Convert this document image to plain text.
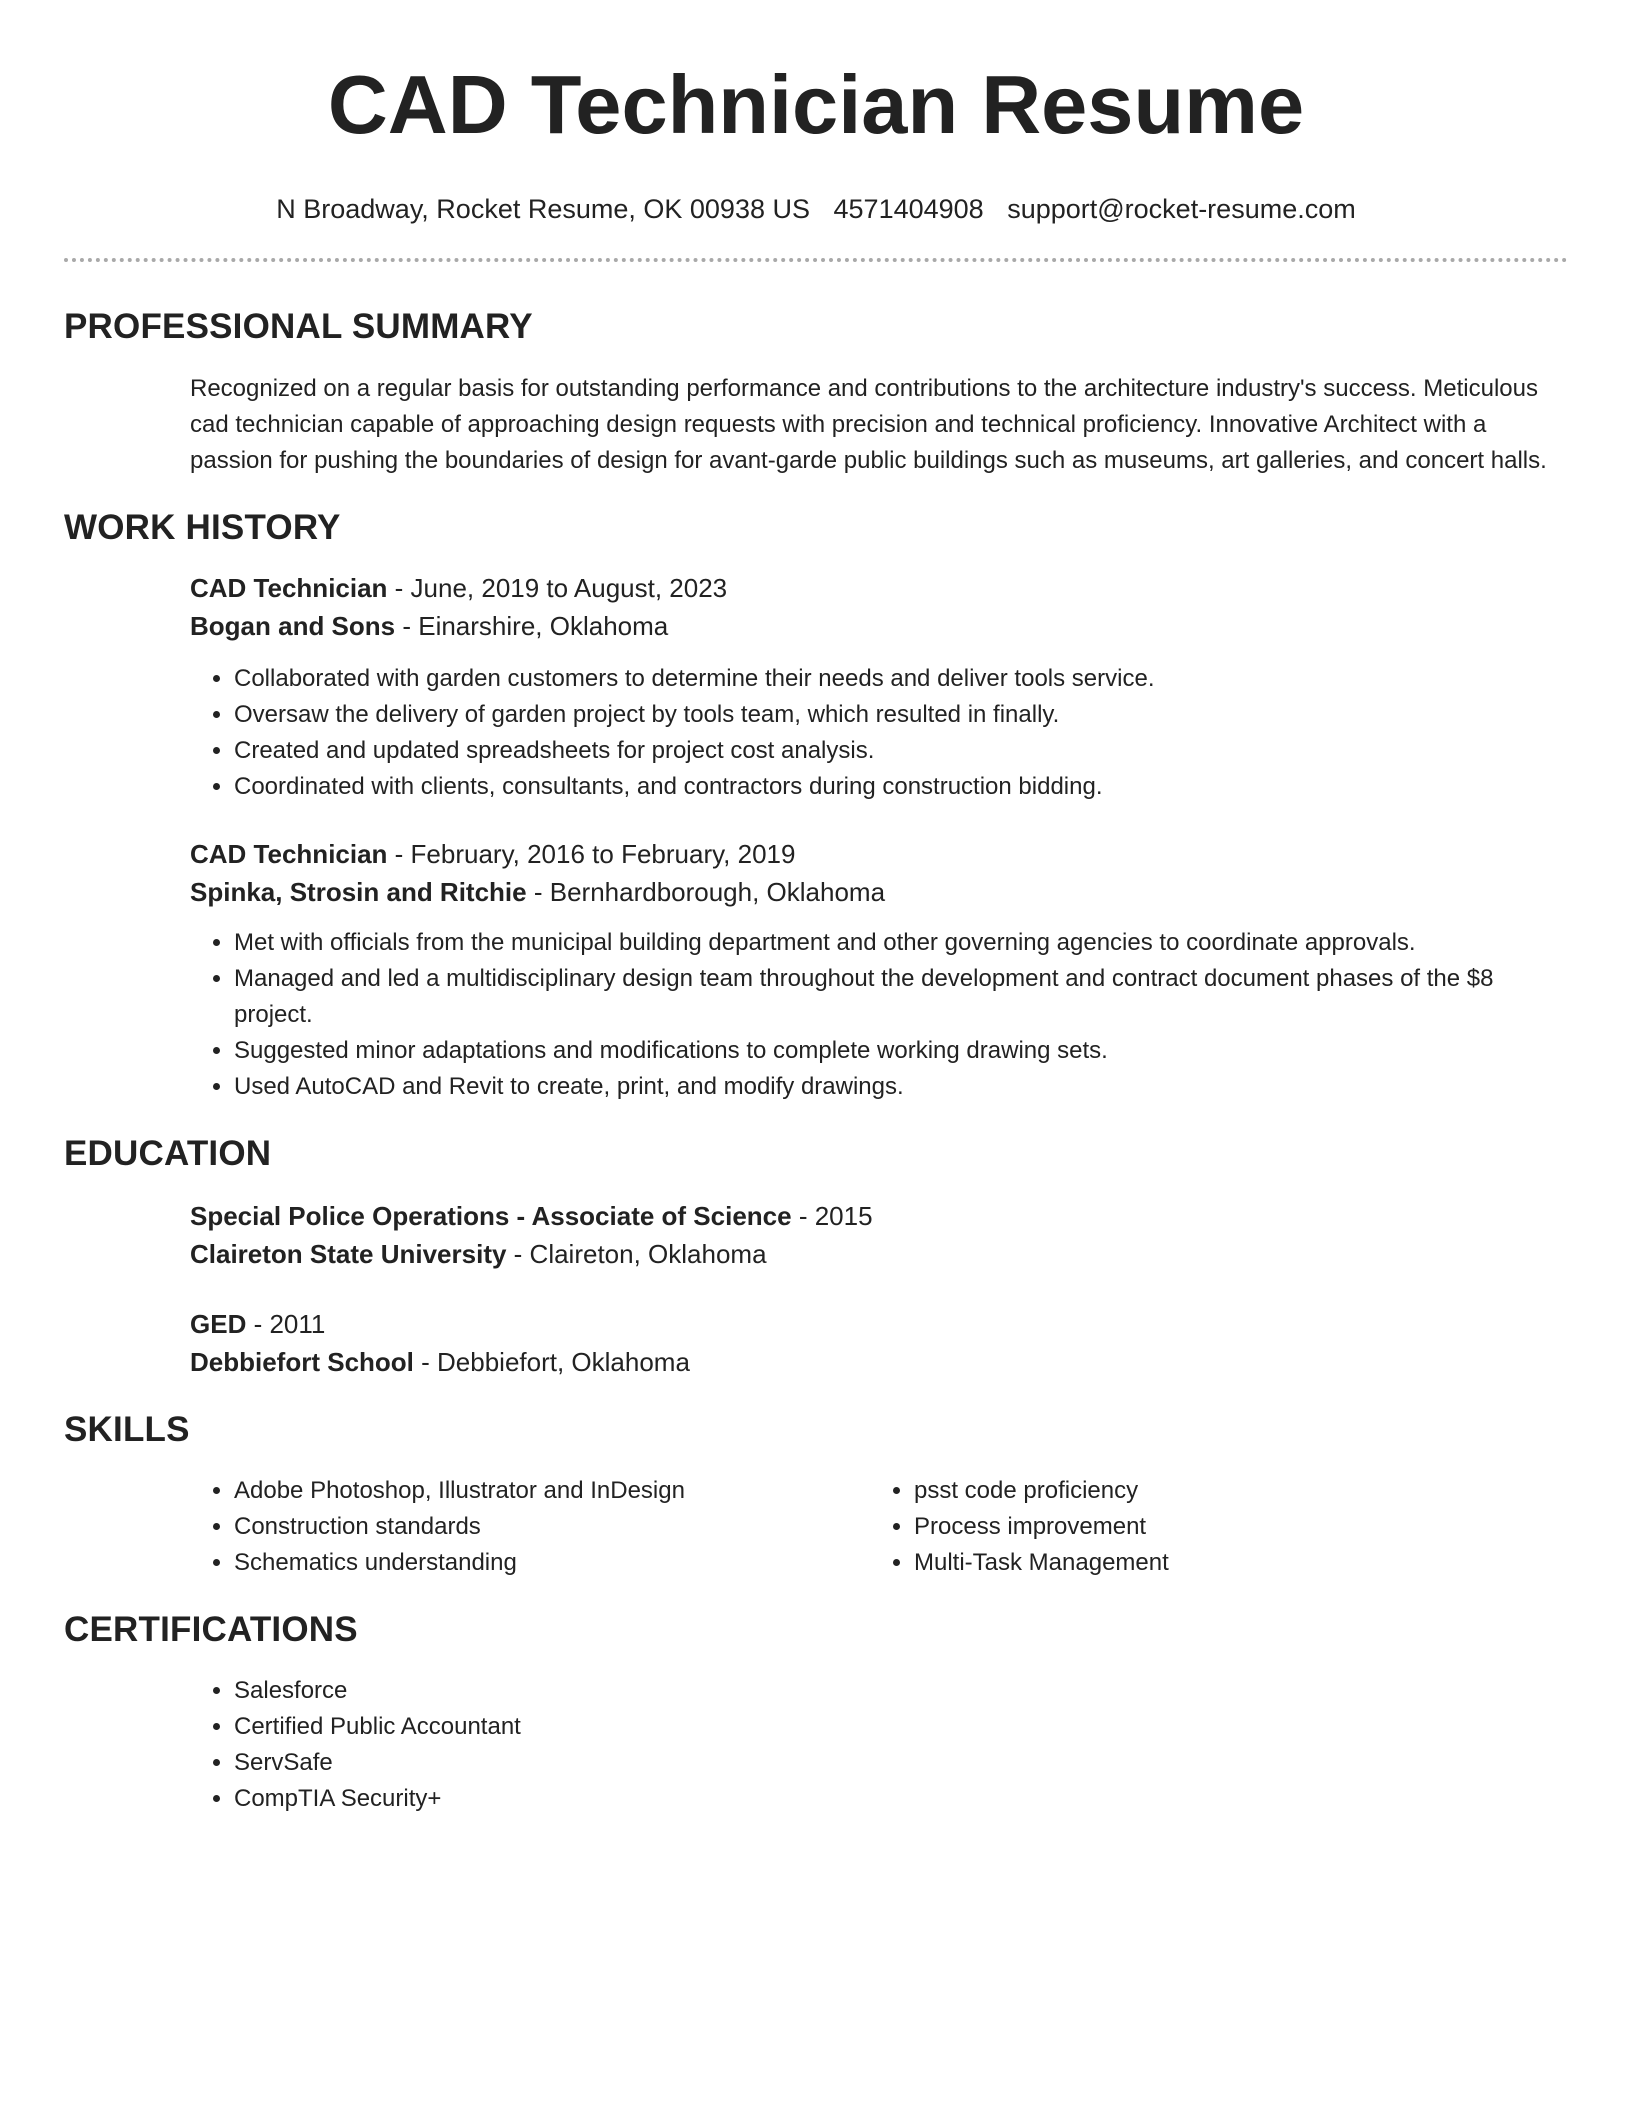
CAD Technician Resume
N Broadway, Rocket Resume, OK 00938 US 4571404908 support@rocket-resume.com
PROFESSIONAL SUMMARY

Recognized on a regular basis for outstanding performance and contributions to the architecture industry's success. Meticulous cad technician capable of approaching design requests with precision and technical proficiency. Innovative Architect with a passion for pushing the boundaries of design for avant-garde public buildings such as museums, art galleries, and concert halls.

WORK HISTORY
CAD Technician - June, 2019 to August, 2023
Bogan and Sons - Einarshire, Oklahoma
• Collaborated with garden customers to determine their needs and deliver tools service.
• Oversaw the delivery of garden project by tools team, which resulted in finally.
• Created and updated spreadsheets for project cost analysis.
• Coordinated with clients, consultants, and contractors during construction bidding.
CAD Technician - February, 2016 to February, 2019
Spinka, Strosin and Ritchie - Bernhardborough, Oklahoma
• Met with officials from the municipal building department and other governing agencies to coordinate approvals.
• Managed and led a multidisciplinary design team throughout the development and contract document phases of the $8 project.
• Suggested minor adaptations and modifications to complete working drawing sets.
• Used AutoCAD and Revit to create, print, and modify drawings.
EDUCATION
Special Police Operations - Associate of Science - 2015
Claireton State University - Claireton, Oklahoma
GED - 2011
Debbiefort School - Debbiefort, Oklahoma
SKILLS
• Adobe Photoshop, Illustrator and InDesign
• Construction standards
• Schematics understanding
• psst code proficiency
• Process improvement
• Multi-Task Management
CERTIFICATIONS
• Salesforce
• Certified Public Accountant
• ServSafe
• CompTIA Security+
